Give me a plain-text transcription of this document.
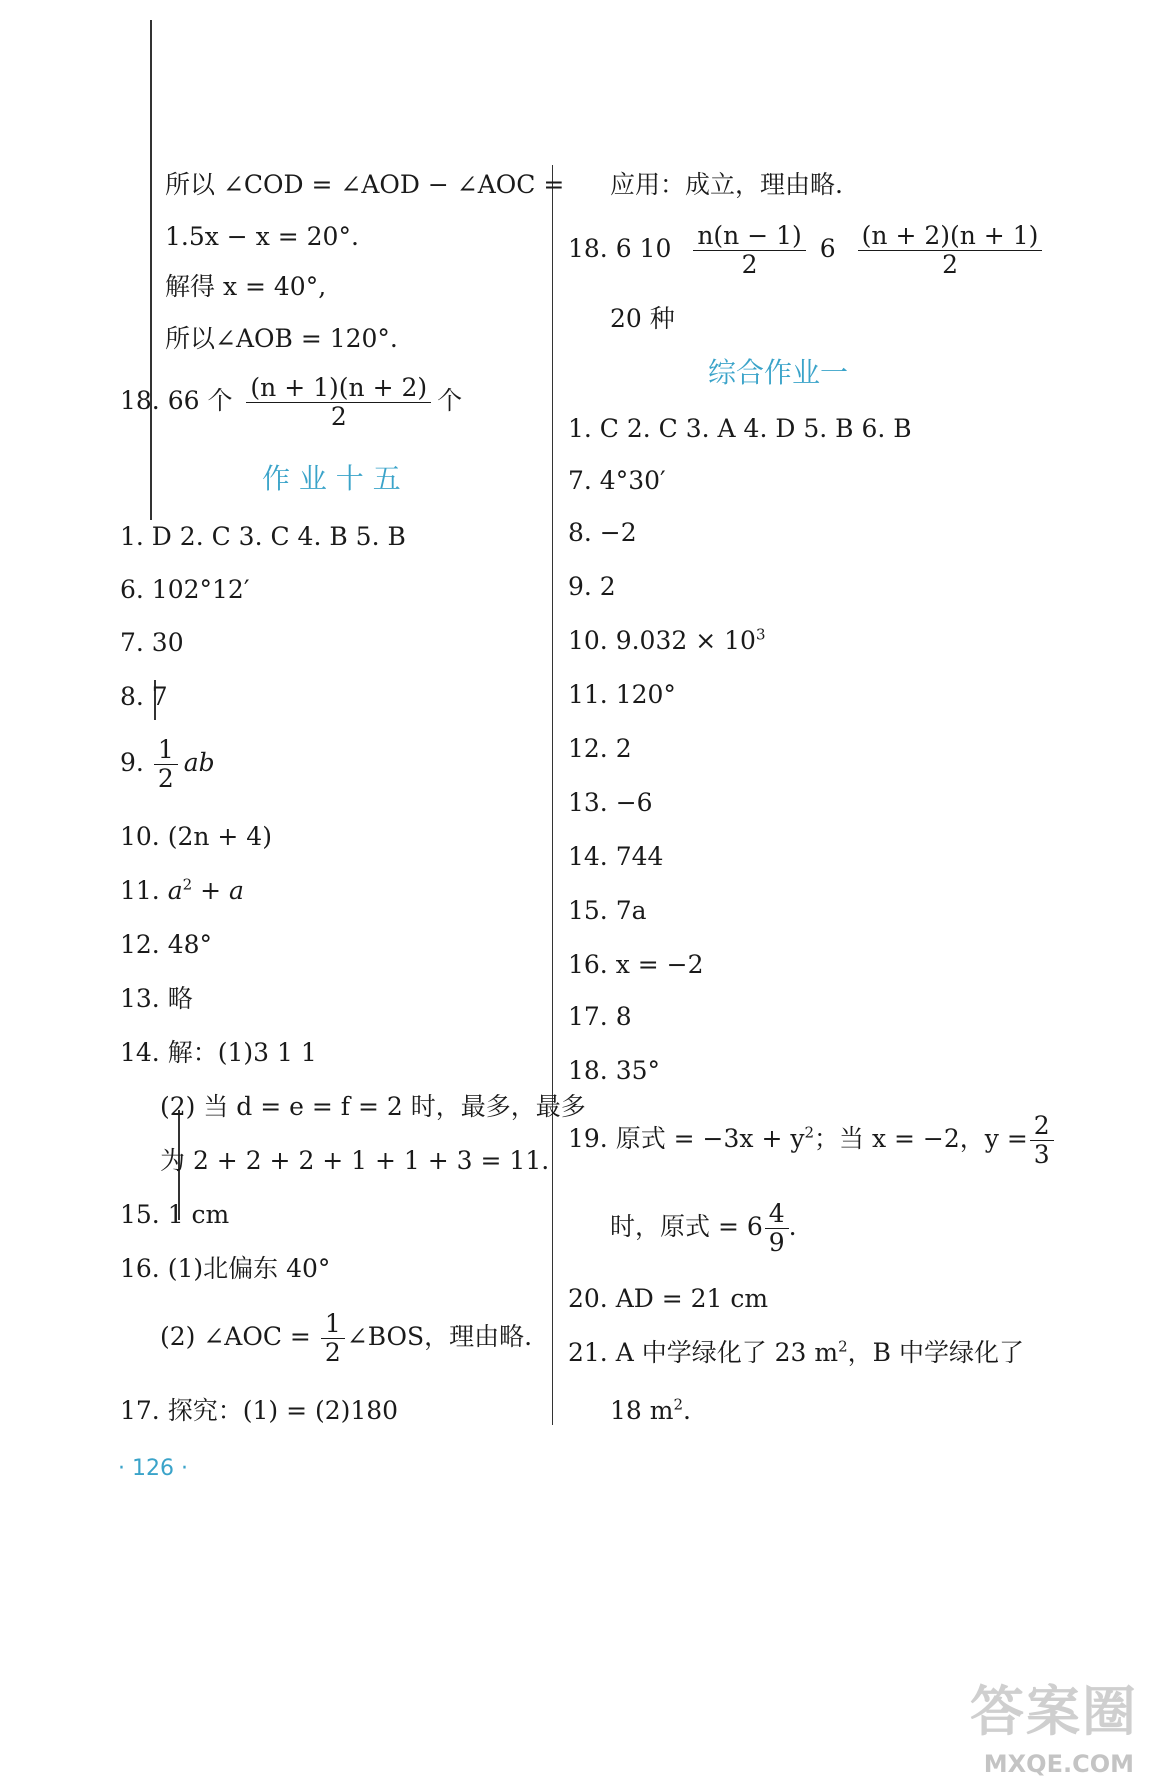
所以 ∠COD = ∠AOD − ∠AOC =
1.5x − x = 20°.
解得 x = 40°,
所以∠AOB = 120°.
18. 66 个 $\frac{(n + 1)(n + 2)}{2}$ 个
作 业 十 五
1. D 2. C 3. C 4. B 5. B
6. 102°12′
7. 30
8. 7
9. $\frac{1}{2}$ ab
10. (2n + 4)
11. $a^2 + a$
12. 48°
13. 略
14. 解：(1)3 1 1
(2) 当 d = e = f = 2 时，最多，最多
为 2 + 2 + 2 + 1 + 1 + 3 = 11.
15. 1 cm
16. (1)北偏东 40°
(2) ∠AOC = $\frac{1}{2}$ ∠BOS，理由略.
17. 探究：(1) = (2)180
· 126 ·
应用：成立，理由略.
18. 6 $10 \frac{n(n - 1)}{2} 6 \frac{(n + 2)(n + 1)}{2}$
20 种
综合作业一
1. C 2. C 3. A 4. D 5. B 6. B
7. 4°30′
8. −2
9. 2
10. $9.032 \times 10^3$
11. 120°
12. 2
13. −6
14. 744
15. 7a
16. x = −2
17. 8
18. 35°
19. 原式 = $-3x + y^2$；当 x = −2，$y = \frac{2}{3}$
时，原式 = $6 \frac{4}{9}$ .
20. AD = 21 cm
21. A 中学绿化了 23 $m^2$，B 中学绿化了
18 $m^2$.
答案圈
MXQE.COM
